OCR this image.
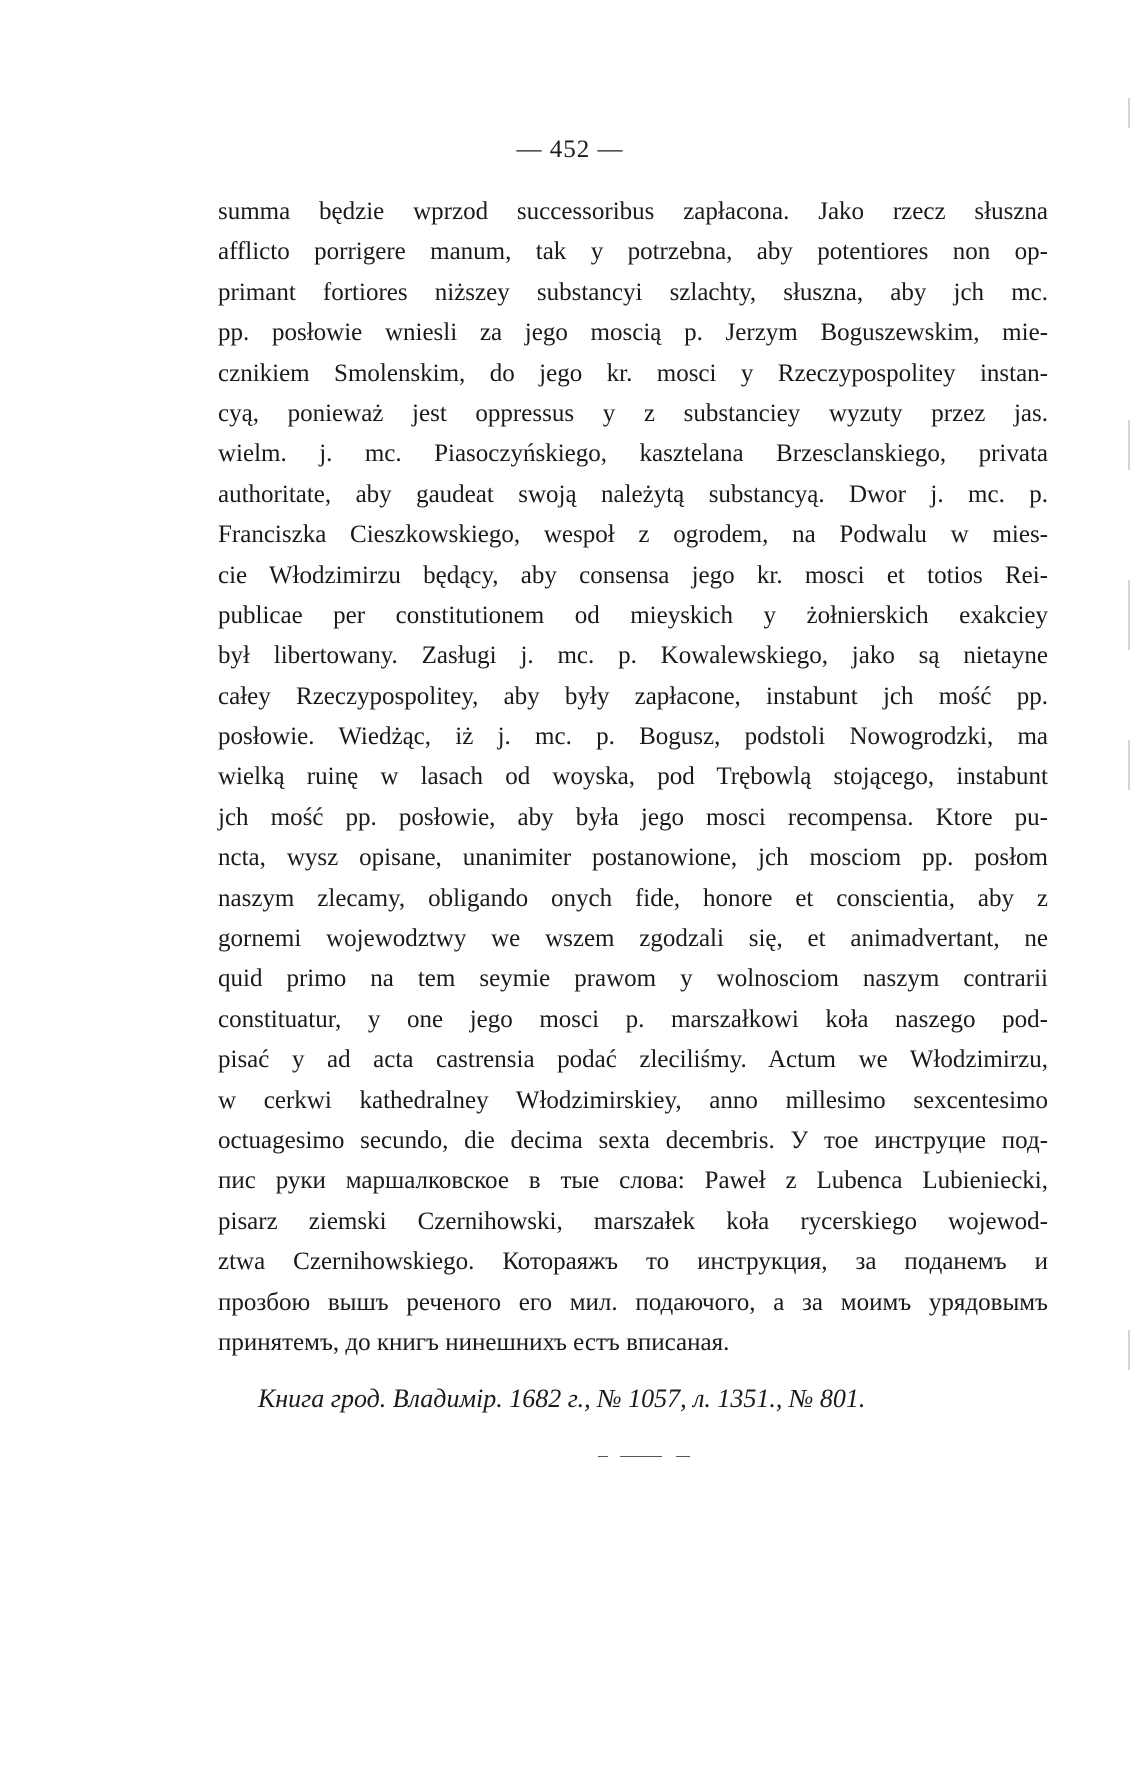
— 452 —
summa będzie wprzod successoribus zapłacona. Jako rzecz słuszna
afflicto porrigere manum, tak y potrzebna, aby potentiores non op-
primant fortiores niższey substancyi szlachty, słuszna, aby jch mc.
pp. posłowie wniesli za jego moscią p. Jerzym Boguszewskim, mie-
cznikiem Smolenskim, do jego kr. mosci y Rzeczypospolitey instan-
cyą, ponieważ jest oppressus y z substanciey wyzuty przez jas.
wielm. j. mc. Piasoczyńskiego, kasztelana Brzesclanskiego, privata
authoritate, aby gaudeat swoją należytą substancyą. Dwor j. mc. p.
Franciszka Cieszkowskiego, wespoł z ogrodem, na Podwalu w mies-
cie Włodzimirzu będący, aby consensa jego kr. mosci et totios Rei-
publicae per constitutionem od mieyskich y żołnierskich exakciey
był libertowany. Zasługi j. mc. p. Kowalewskiego, jako są nietayne
całey Rzeczypospolitey, aby były zapłacone, instabunt jch mość pp.
posłowie. Wiedżąc, iż j. mc. p. Bogusz, podstoli Nowogrodzki, ma
wielką ruinę w lasach od woyska, pod Trębowlą stojącego, instabunt
jch mość pp. posłowie, aby była jego mosci recompensa. Ktore pu-
ncta, wysz opisane, unanimiter postanowione, jch mosciom pp. posłom
naszym zlecamy, obligando onych fide, honore et conscientia, aby z
gornemi wojewodztwy we wszem zgodzali się, et animadvertant, ne
quid primo na tem seymie prawom y wolnosciom naszym contrarii
constituatur, y one jego mosci p. marszałkowi koła naszego pod-
pisać y ad acta castrensia podać zleciliśmy. Actum we Włodzimirzu,
w cerkwi kathedralney Włodzimirskiey, anno millesimo sexcentesimo
octuagesimo secundo, die decima sexta decembris. У тое инструцие под-
пис руки маршалковское в тые слова: Paweł z Lubenca Lubieniecki,
pisarz ziemski Czernihowski, marszałek koła rycerskiego wojewod-
ztwa Czernihowskiego. Котораяжъ то инструкция, за поданемъ и
прозбою вышъ реченого его мил. подаючого, а за моимъ урядовымъ
принятемъ, до книгъ нинешнихъ естъ вписаная.
Книга грод. Владимір. 1682 г., № 1057, л. 1351., № 801.
